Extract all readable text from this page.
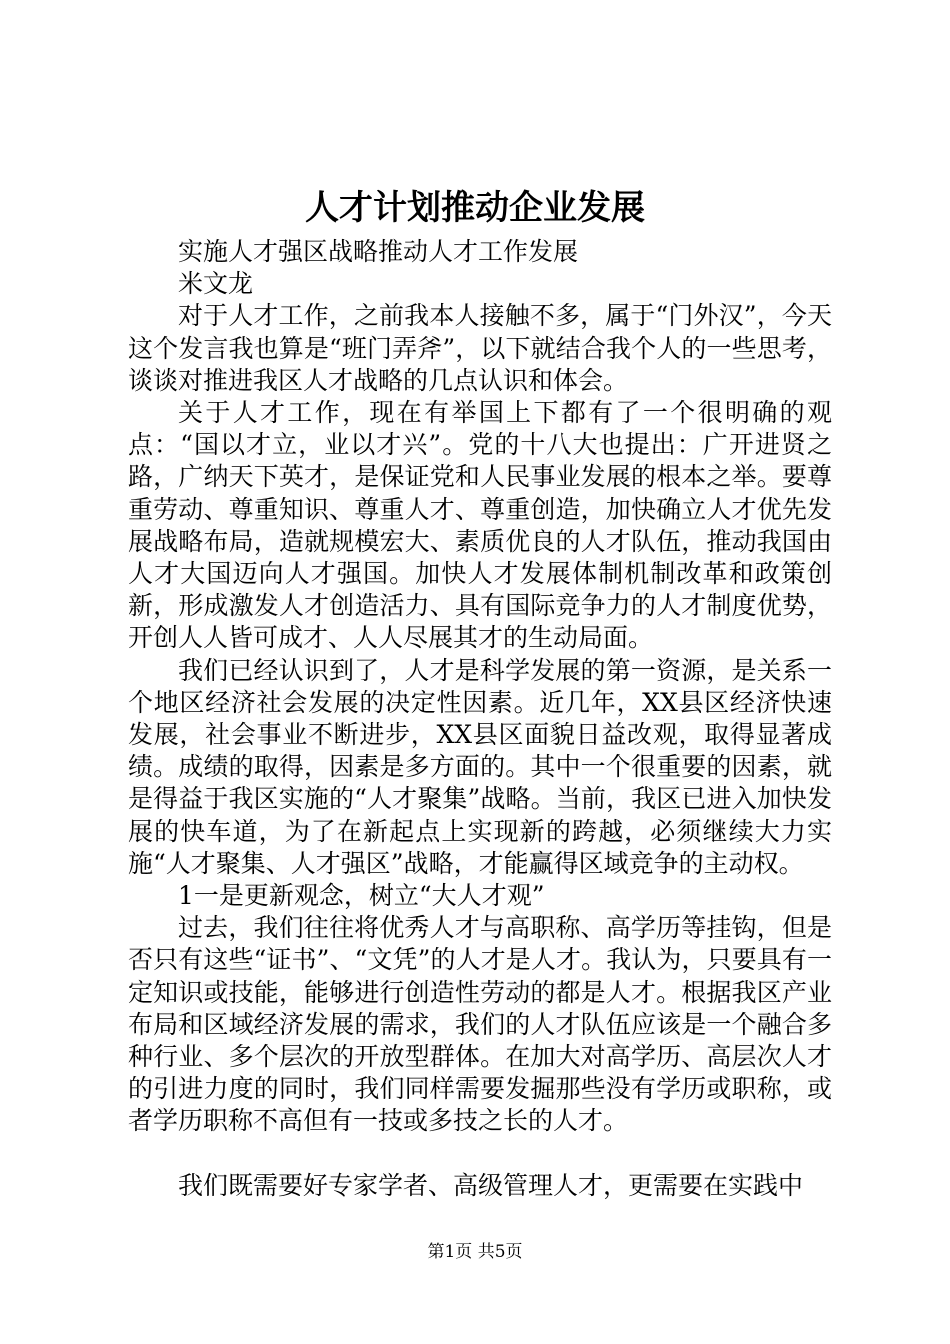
人才计划推动企业发展

实施人才强区战略推动人才工作发展

米文龙

对于人才工作，之前我本人接触不多，属于“门外汉”，今天这个发言我也算是“班门弄斧”，以下就结合我个人的一些思考，谈谈对推进我区人才战略的几点认识和体会。

关于人才工作，现在有举国上下都有了一个很明确的观点：“国以才立，业以才兴”。党的十八大也提出：广开进贤之路，广纳天下英才，是保证党和人民事业发展的根本之举。要尊重劳动、尊重知识、尊重人才、尊重创造，加快确立人才优先发展战略布局，造就规模宏大、素质优良的人才队伍，推动我国由人才大国迈向人才强国。加快人才发展体制机制改革和政策创新，形成激发人才创造活力、具有国际竞争力的人才制度优势，开创人人皆可成才、人人尽展其才的生动局面。

我们已经认识到了，人才是科学发展的第一资源，是关系一个地区经济社会发展的决定性因素。近几年，XX县区经济快速发展，社会事业不断进步，XX县区面貌日益改观，取得显著成绩。成绩的取得，因素是多方面的。其中一个很重要的因素，就是得益于我区实施的“人才聚集”战略。当前，我区已进入加快发展的快车道，为了在新起点上实现新的跨越，必须继续大力实施“人才聚集、人才强区”战略，才能赢得区域竞争的主动权。

1一是更新观念，树立“大人才观”

过去，我们往往将优秀人才与高职称、高学历等挂钩，但是否只有这些“证书”、“文凭”的人才是人才。我认为，只要具有一定知识或技能，能够进行创造性劳动的都是人才。根据我区产业布局和区域经济发展的需求，我们的人才队伍应该是一个融合多种行业、多个层次的开放型群体。在加大对高学历、高层次人才的引进力度的同时，我们同样需要发掘那些没有学历或职称，或者学历职称不高但有一技或多技之长的人才。

我们既需要好专家学者、高级管理人才，更需要在实践中

第1页 共5页
